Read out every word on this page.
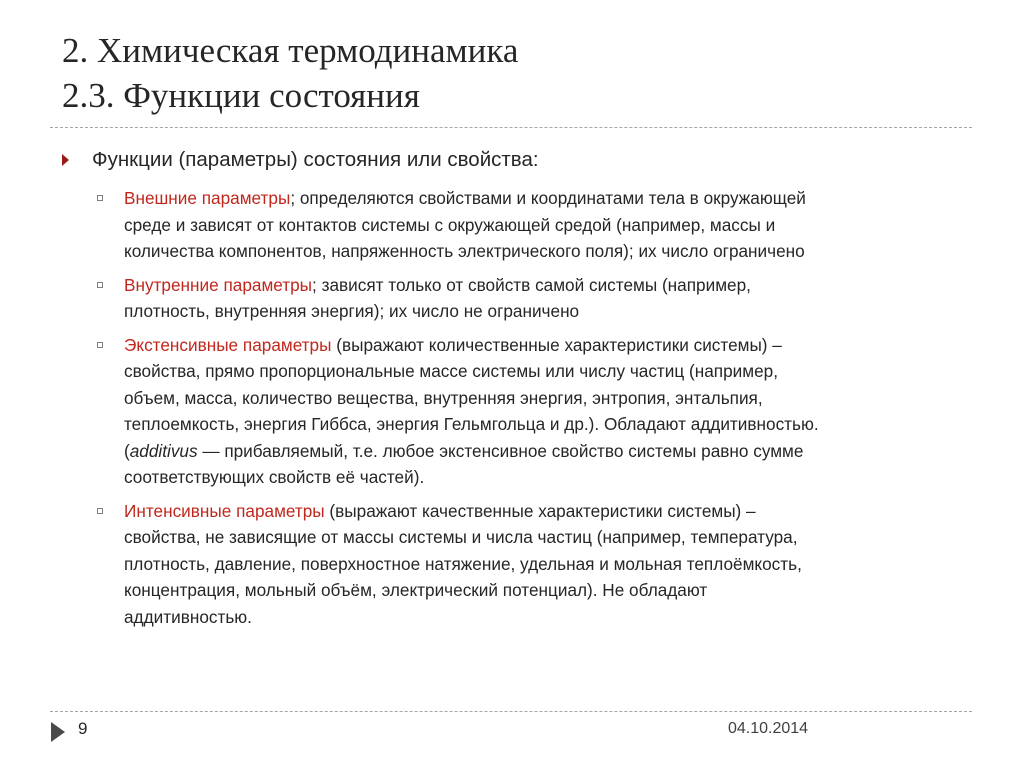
2. Химическая термодинамика
2.3. Функции состояния
Функции (параметры) состояния или свойства:
Внешние параметры; определяются свойствами и координатами тела в окружающей
среде и зависят от контактов системы с окружающей средой (например, массы и
количества компонентов, напряженность электрического поля); их число ограничено
Внутренние параметры; зависят только от свойств самой системы (например,
плотность, внутренняя энергия); их число не ограничено
Экстенсивные параметры (выражают количественные характеристики системы) –
свойства, прямо пропорциональные массе системы или числу частиц (например,
объем, масса, количество вещества, внутренняя энергия, энтропия, энтальпия,
теплоемкость, энергия Гиббса, энергия Гельмгольца и др.). Обладают аддитивностью.
(additivus — прибавляемый, т.е. любое экстенсивное свойство системы равно сумме
соответствующих свойств её частей).
Интенсивные параметры (выражают качественные характеристики системы) –
свойства, не зависящие от массы системы и числа частиц (например, температура,
плотность, давление, поверхностное натяжение, удельная и мольная теплоёмкость,
концентрация, мольный объём, электрический потенциал). Не обладают
аддитивностью.
9	04.10.2014
